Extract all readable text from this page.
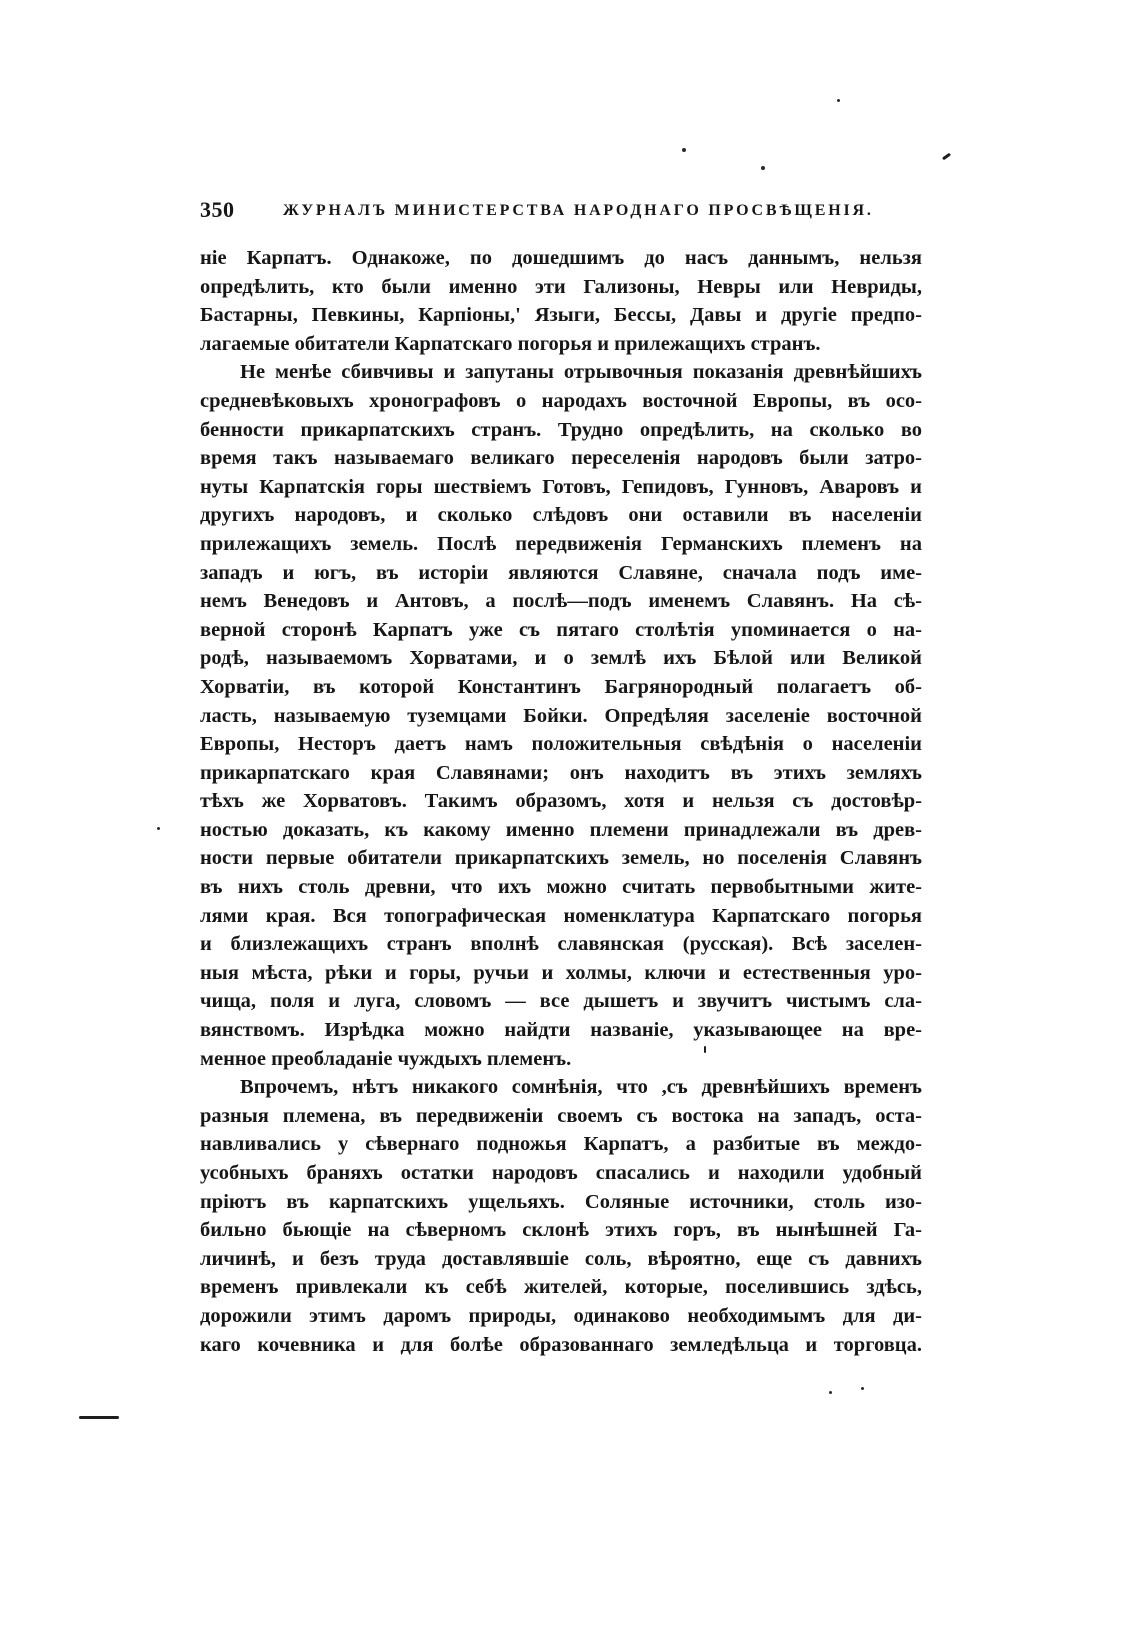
350	ЖУРНАЛЪ МИНИСТЕРСТВА НАРОДНАГО ПРОСВѢЩЕНІЯ.
ніе Карпатъ. Однакоже, по дошедшимъ до насъ даннымъ, нельзя
опредѣлить, кто были именно эти Гализоны, Невры или Невриды,
Бастарны, Певкины, Карпіоны,' Языги, Бессы, Давы и другіе предпо-
лагаемые обитатели Карпатскаго погорья и прилежащихъ странъ.
Не менѣе сбивчивы и запутаны отрывочныя показанія древнѣйшихъ
средневѣковыхъ хронографовъ о народахъ восточной Европы, въ осо-
бенности прикарпатскихъ странъ. Трудно опредѣлить, на сколько во
время такъ называемаго великаго переселенія народовъ были затро-
нуты Карпатскія горы шествіемъ Готовъ, Гепидовъ, Гунновъ, Аваровъ и
другихъ народовъ, и сколько слѣдовъ они оставили въ населеніи
прилежащихъ земель. Послѣ передвиженія Германскихъ племенъ на
западъ и югъ, въ исторіи являются Славяне, сначала подъ име-
немъ Венедовъ и Антовъ, а послѣ—подъ именемъ Славянъ. На сѣ-
верной сторонѣ Карпатъ уже съ пятаго столѣтія упоминается о на-
родѣ, называемомъ Хорватами, и о землѣ ихъ Бѣлой или Великой
Хорватіи, въ которой Константинъ Багрянородный полагаетъ об-
ласть, называемую туземцами Бойки. Опредѣляя заселеніе восточной
Европы, Несторъ даетъ намъ положительныя свѣдѣнія о населеніи
прикарпатскаго края Славянами; онъ находитъ въ этихъ земляхъ
тѣхъ же Хорватовъ. Такимъ образомъ, хотя и нельзя съ достовѣр-
ностью доказать, къ какому именно племени принадлежали въ древ-
ности первые обитатели прикарпатскихъ земель, но поселенія Славянъ
въ нихъ столь древни, что ихъ можно считать первобытными жите-
лями края. Вся топографическая номенклатура Карпатскаго погорья
и близлежащихъ странъ вполнѣ славянская (русская). Всѣ заселен-
ныя мѣста, рѣки и горы, ручьи и холмы, ключи и естественныя уро-
чища, поля и луга, словомъ — все дышетъ и звучитъ чистымъ сла-
вянствомъ. Изрѣдка можно найдти названіе, указывающее на вре-
менное преобладаніе чуждыхъ племенъ.
Впрочемъ, нѣтъ никакого сомнѣнія, что ,съ древнѣйшихъ временъ
разныя племена, въ передвиженіи своемъ съ востока на западъ, оста-
навливались у сѣвернаго подножья Карпатъ, а разбитые въ междо-
усобныхъ браняхъ остатки народовъ спасались и находили удобный
пріютъ въ карпатскихъ ущельяхъ. Соляные источники, столь изо-
бильно бьющіе на сѣверномъ склонѣ этихъ горъ, въ нынѣшней Га-
личинѣ, и безъ труда доставлявшіе соль, вѣроятно, еще съ давнихъ
временъ привлекали къ себѣ жителей, которые, поселившись здѣсь,
дорожили этимъ даромъ природы, одинаково необходимымъ для ди-
каго кочевника и для болѣе образованнаго земледѣльца и торговца.
